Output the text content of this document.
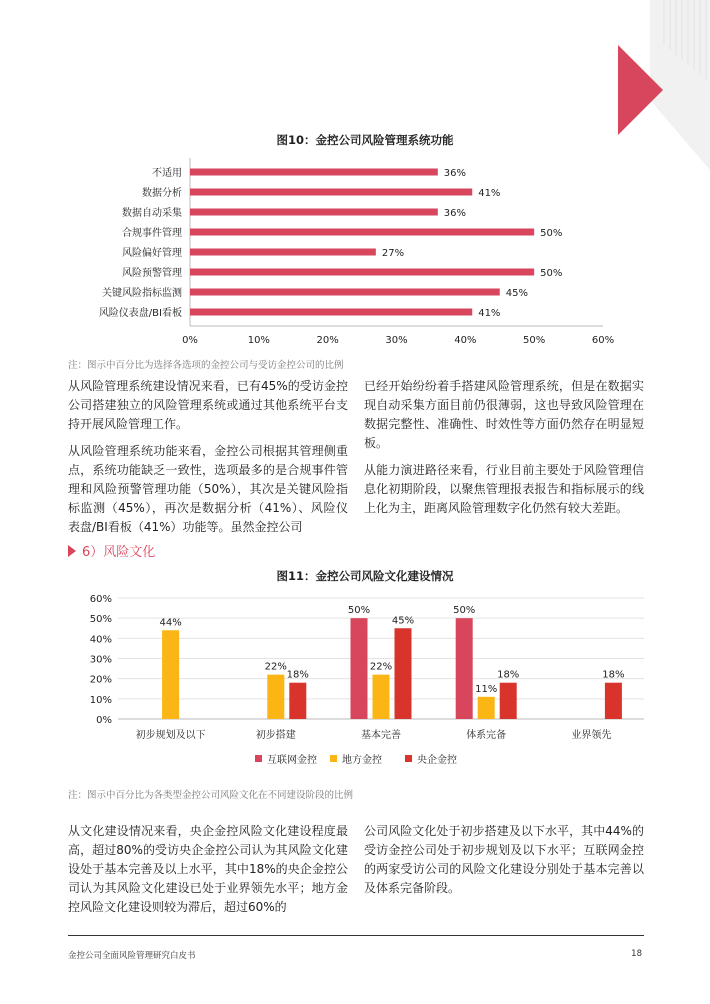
图10：金控公司风险管理系统功能
不适用	36%
数据分析	41%
数据自动采集	36%
合规事件管理	50%
风险偏好管理	27%
风险预警管理	50%
关键风险指标监测	45%
风险仪表盘/BI看板	41%
0%	10%	20%	30%	40%	50%	60%
注：图示中百分比为选择各选项的金控公司与受访金控公司的比例

从风险管理系统建设情况来看，已有45%的受访金控公司搭建独立的风险管理系统或通过其他系统平台支持开展风险管理工作。

从风险管理系统功能来看，金控公司根据其管理侧重点，系统功能缺乏一致性，选项最多的是合规事件管理和风险预警管理功能（50%），其次是关键风险指标监测（45%），再次是数据分析（41%）、风险仪表盘/BI看板（41%）功能等。虽然金控公司

已经开始纷纷着手搭建风险管理系统，但是在数据实现自动采集方面目前仍很薄弱，这也导致风险管理在数据完整性、准确性、时效性等方面仍然存在明显短板。

从能力演进路径来看，行业目前主要处于风险管理信息化初期阶段，以聚焦管理报表报告和指标展示的线上化为主，距离风险管理数字化仍然有较大差距。

6）风险文化
图11：金控公司风险文化建设情况
0%
10%
20%
30%
40%
50%
60%
初步规划及以下
44%
初步搭建
22%
18%
基本完善
50%
22%
45%
体系完备
50%
11%
18%
业界领先
18%
互联网金控	地方金控	央企金控
注：图示中百分比为各类型金控公司风险文化在不同建设阶段的比例

从文化建设情况来看，央企金控风险文化建设程度最高，超过80%的受访央企金控公司认为其风险文化建设处于基本完善及以上水平，其中18%的央企金控公司认为其风险文化建设已处于业界领先水平；地方金控风险文化建设则较为滞后，超过60%的

公司风险文化处于初步搭建及以下水平，其中44%的受访金控公司处于初步规划及以下水平；互联网金控的两家受访公司的风险文化建设分别处于基本完善以及体系完备阶段。

金控公司全面风险管理研究白皮书	18
